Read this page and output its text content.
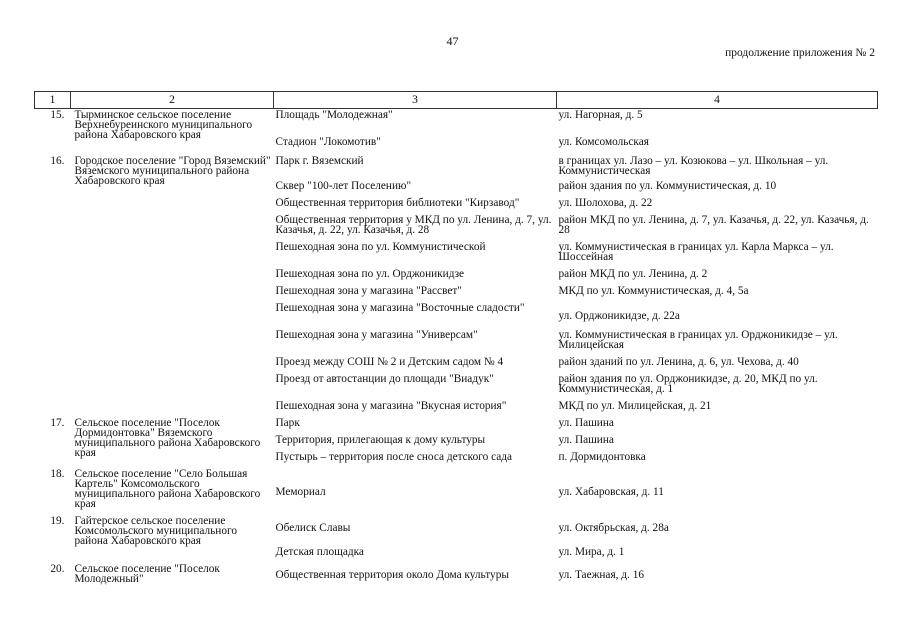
47
продолжение приложения № 2
1	2	3	4
15.	Тырминское сельское поселение Верхнебуреинского муниципального района Хабаровского края	Площадь "Молодежная"	ул. Нагорная, д. 5
		Стадион "Локомотив"	ул. Комсомольская
16.	Городское поселение "Город Вяземский" Вяземского муниципального района Хабаровского края	Парк г. Вяземский	в границах ул. Лазо – ул. Козюкова – ул. Школьная – ул. Коммунистическая
		Сквер "100-лет Поселению"	район здания по ул. Коммунистическая, д. 10
		Общественная территория библиотеки "Кирзавод"	ул. Шолохова, д. 22
		Общественная территория у МКД по ул. Ленина, д. 7, ул. Казачья, д. 22, ул. Казачья, д. 28	район МКД по ул. Ленина, д. 7, ул. Казачья, д. 22, ул. Казачья, д. 28
		Пешеходная зона по ул. Коммунистической	ул. Коммунистическая в границах ул. Карла Маркса – ул. Шоссейная
		Пешеходная зона по ул. Орджоникидзе	район МКД по ул. Ленина, д. 2
		Пешеходная зона у магазина "Рассвет"	МКД по ул. Коммунистическая, д. 4, 5а
		Пешеходная зона у магазина "Восточные сладости"	ул. Орджоникидзе, д. 22а
		Пешеходная зона у магазина "Универсам"	ул. Коммунистическая в границах ул. Орджоникидзе – ул. Милицейская
		Проезд между СОШ № 2 и Детским садом № 4	район зданий по ул. Ленина, д. 6, ул. Чехова, д. 40
		Проезд от автостанции до площади "Виадук"	район здания по ул. Орджоникидзе, д. 20, МКД по ул. Коммунистическая, д. 1
		Пешеходная зона у магазина "Вкусная история"	МКД по ул. Милицейская, д. 21
17.	Сельское поселение "Поселок Дормидонтовка" Вяземского муниципального района Хабаровского края	Парк	ул. Пашина
		Территория, прилегающая к дому культуры	ул. Пашина
		Пустырь – территория после сноса детского сада	п. Дормидонтовка
18.	Сельское поселение "Село Большая Картель" Комсомольского муниципального района Хабаровского края	Мемориал	ул. Хабаровская, д. 11
19.	Гайтерское сельское поселение Комсомольского муниципального района Хабаровского края	Обелиск Славы	ул. Октябрьская, д. 28а
		Детская площадка	ул. Мира, д. 1
20.	Сельское поселение "Поселок Молодежный"	Общественная территория около Дома культуры	ул. Таежная, д. 16
